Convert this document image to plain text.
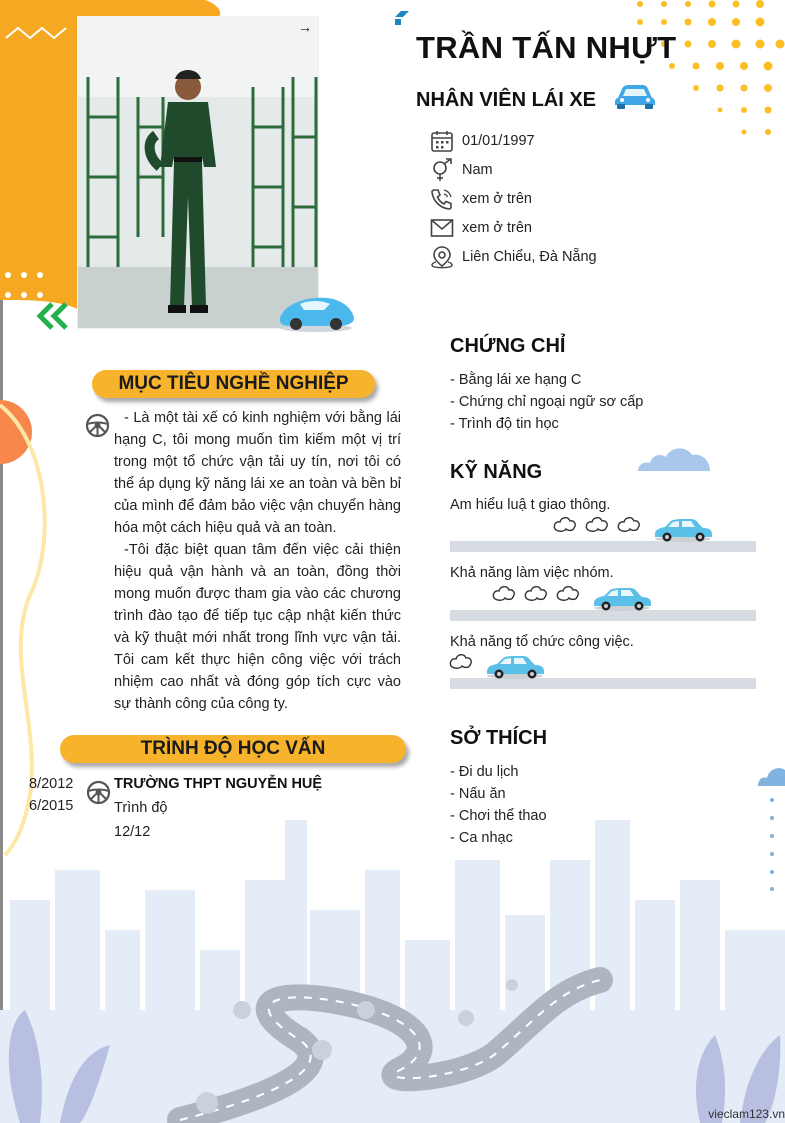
→
TRẦN TẤN NHỰT
NHÂN VIÊN LÁI XE
01/01/1997
Nam
xem ở trên
xem ở trên
Liên Chiểu, Đà Nẵng
MỤC TIÊU NGHỀ NGHIỆP

- Là một tài xế có kinh nghiệm với bằng lái hạng C, tôi mong muốn tìm kiếm một vị trí trong một tổ chức vận tải uy tín, nơi tôi có thể áp dụng kỹ năng lái xe an toàn và bền bỉ của mình để đảm bảo việc vận chuyển hàng hóa một cách hiệu quả và an toàn.

-Tôi đặc biệt quan tâm đến việc cải thiện hiệu quả vận hành và an toàn, đồng thời mong muốn được tham gia vào các chương trình đào tạo để tiếp tục cập nhật kiến thức và kỹ thuật mới nhất trong lĩnh vực vận tải. Tôi cam kết thực hiện công việc với trách nhiệm cao nhất và đóng góp tích cực vào sự thành công của công ty.

TRÌNH ĐỘ HỌC VẤN
8/2012
6/2015
TRƯỜNG THPT NGUYỄN HUỆ
Trình độ
12/12
CHỨNG CHỈ
- Bằng lái xe hạng C
- Chứng chỉ ngoại ngữ sơ cấp
- Trình độ tin học
KỸ NĂNG
Am hiểu luậ t giao thông.
Khả năng làm việc nhóm.
Khả năng tổ chức công việc.
SỞ THÍCH
- Đi du lịch
- Nấu ăn
- Chơi thể thao
- Ca nhạc
vieclam123.vn
